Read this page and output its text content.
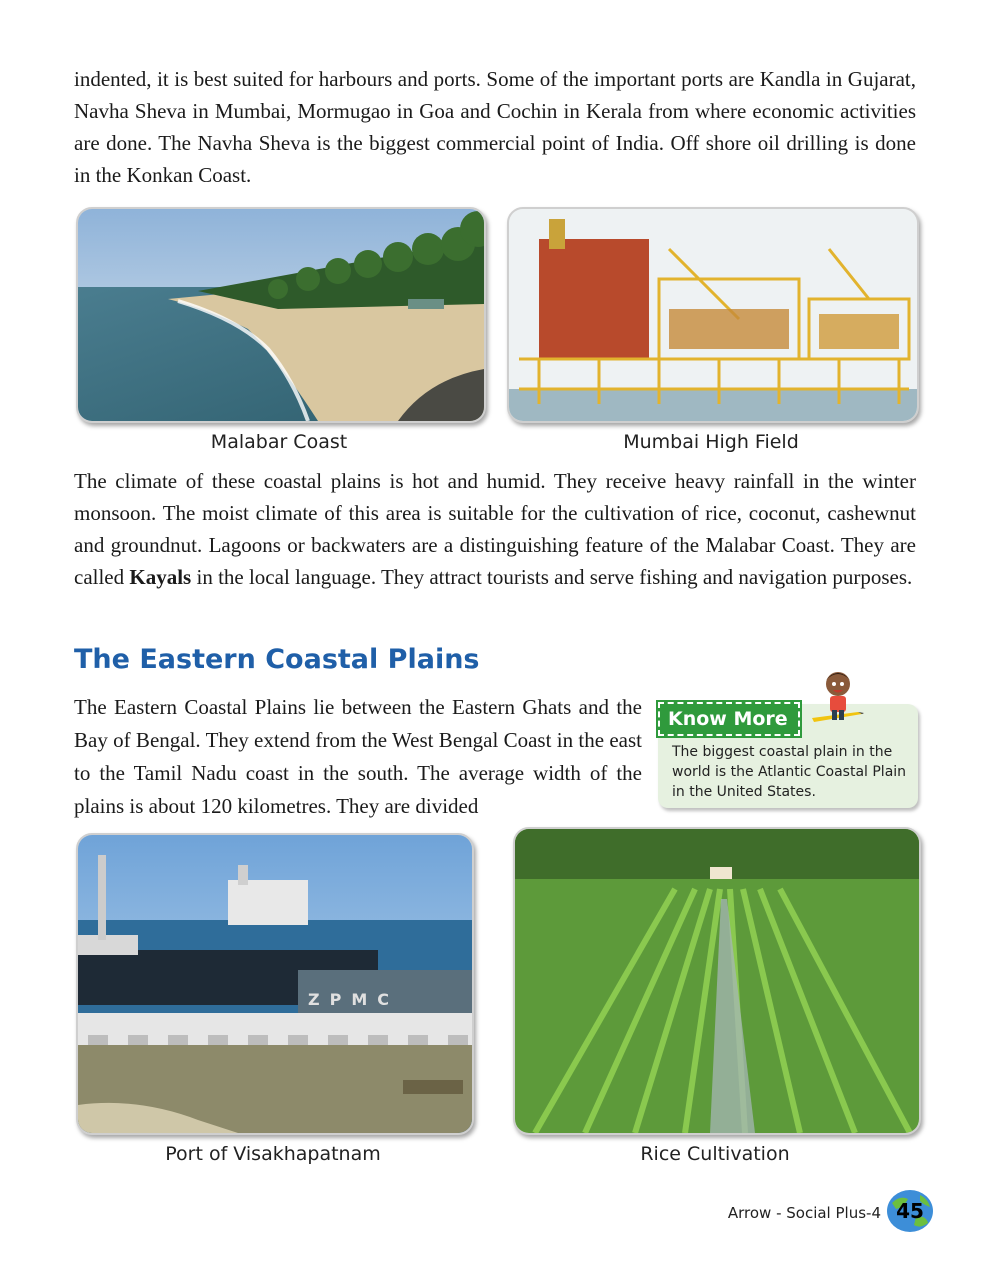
indented, it is best suited for harbours and ports. Some of the important ports are Kandla in Gujarat, Navha Sheva in Mumbai, Mormugao in Goa and Cochin in Kerala from where economic activities are done. The Navha Sheva is the biggest commercial point of India. Off shore oil drilling is done in the Konkan Coast.

Malabar Coast	Mumbai High Field

The climate of these coastal plains is hot and humid. They receive heavy rainfall in the winter monsoon. The moist climate of this area is suitable for the cultivation of rice, coconut, cashewnut and groundnut. Lagoons or backwaters are a distinguishing feature of the Malabar Coast. They are called Kayals in the local language. They attract tourists and serve fishing and navigation purposes.

The Eastern Coastal Plains

The Eastern Coastal Plains lie between the Eastern Ghats and the Bay of Bengal. They extend from the West Bengal Coast in the east to the Tamil Nadu coast in the south. The average width of the plains is about 120 kilometres. They are divided

Know More

The biggest coastal plain in the world is the Atlantic Coastal Plain in the United States.

ZPMC

Port of Visakhapatnam	Rice Cultivation

Arrow - Social Plus-4 45
